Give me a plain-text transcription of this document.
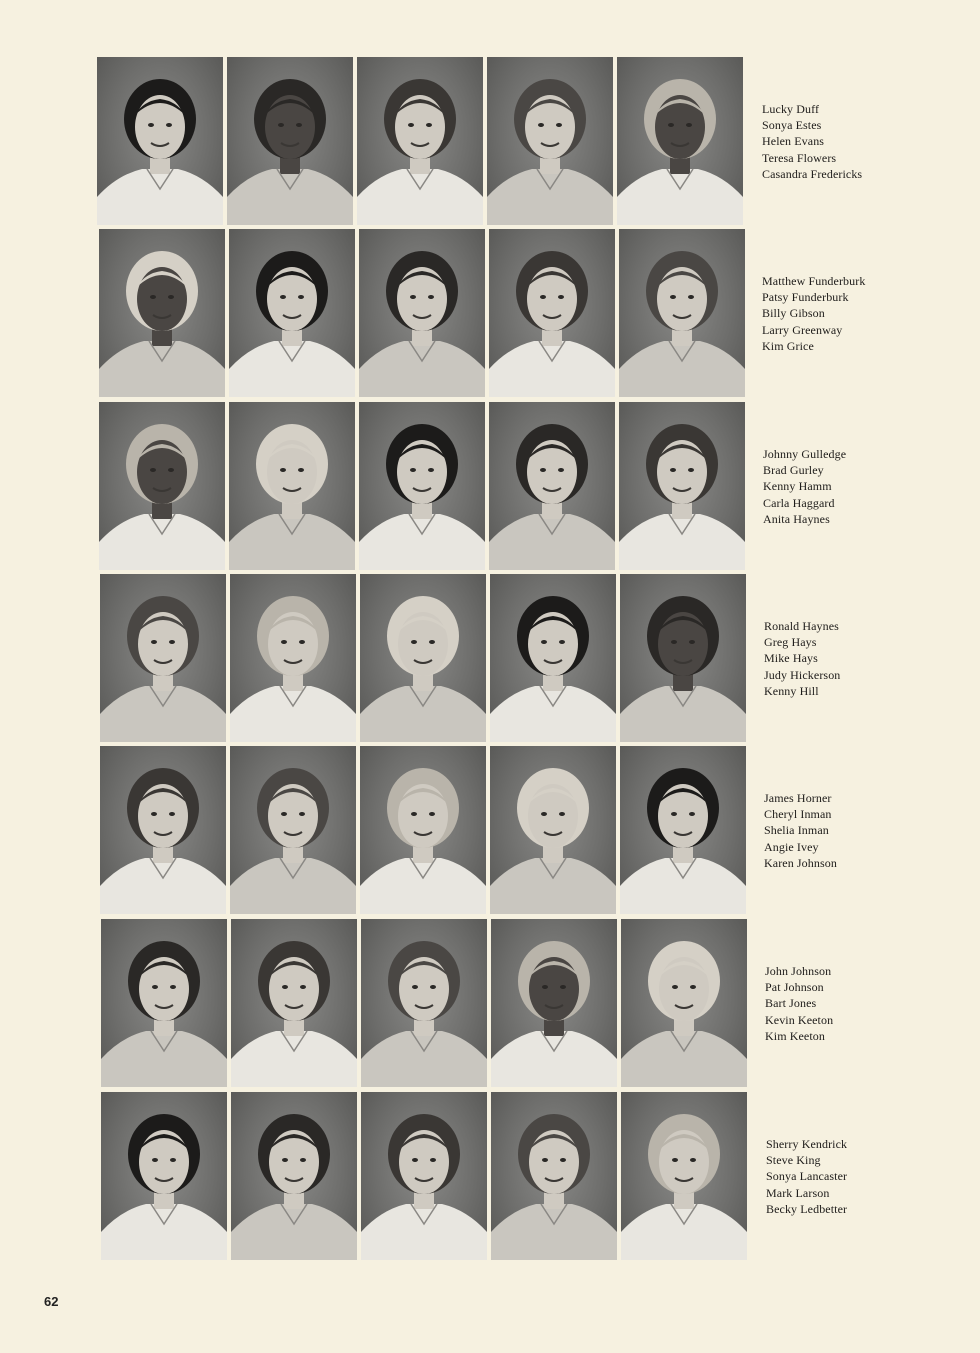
Lucky Duff
Sonya Estes
Helen Evans
Teresa Flowers
Casandra Fredericks
Matthew Funderburk
Patsy Funderburk
Billy Gibson
Larry Greenway
Kim Grice
Johnny Gulledge
Brad Gurley
Kenny Hamm
Carla Haggard
Anita Haynes
Ronald Haynes
Greg Hays
Mike Hays
Judy Hickerson
Kenny Hill
James Horner
Cheryl Inman
Shelia Inman
Angie Ivey
Karen Johnson
John Johnson
Pat Johnson
Bart Jones
Kevin Keeton
Kim Keeton
Sherry Kendrick
Steve King
Sonya Lancaster
Mark Larson
Becky Ledbetter
62
